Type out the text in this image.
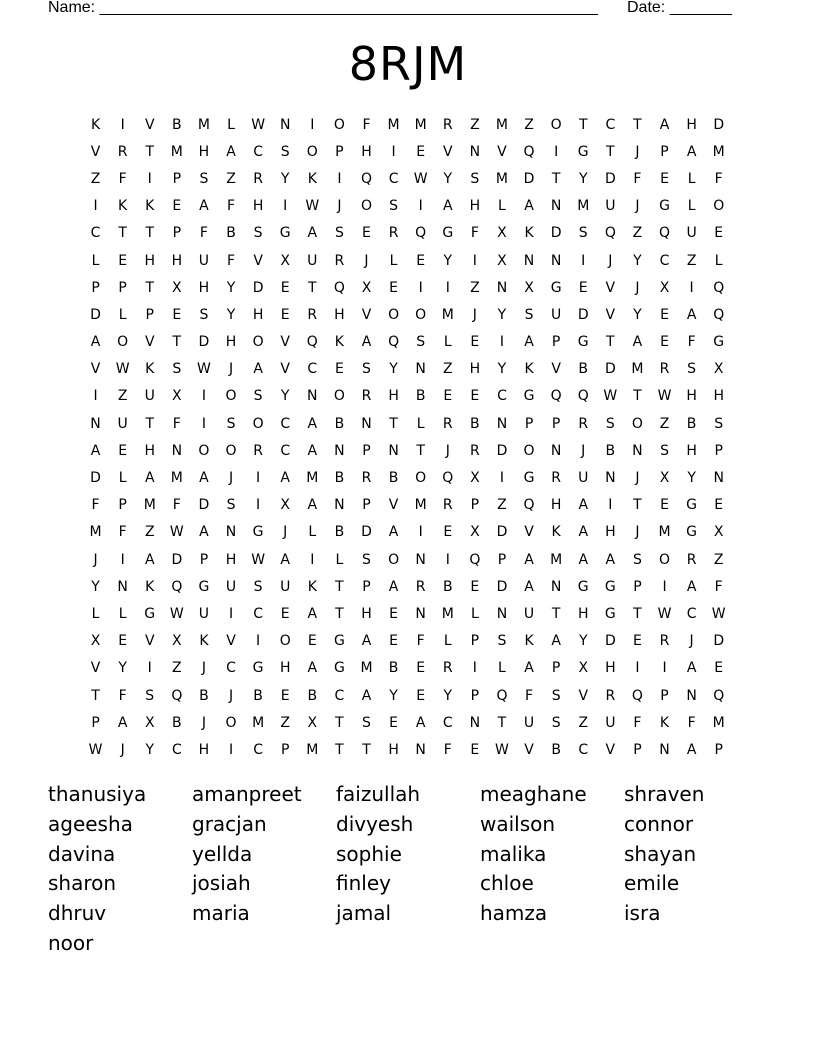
Name: ________________________________________________________ Date: _______
8RJM
K	I	V	B	M	L	W	N	I	O	F	M	M	R	Z	M	Z	O	T	C	T	A	H	D
V	R	T	M	H	A	C	S	O	P	H	I	E	V	N	V	Q	I	G	T	J	P	A	M
Z	F	I	P	S	Z	R	Y	K	I	Q	C	W	Y	S	M	D	T	Y	D	F	E	L	F
I	K	K	E	A	F	H	I	W	J	O	S	I	A	H	L	A	N	M	U	J	G	L	O
C	T	T	P	F	B	S	G	A	S	E	R	Q	G	F	X	K	D	S	Q	Z	Q	U	E
L	E	H	H	U	F	V	X	U	R	J	L	E	Y	I	X	N	N	I	J	Y	C	Z	L
P	P	T	X	H	Y	D	E	T	Q	X	E	I	I	Z	N	X	G	E	V	J	X	I	Q
D	L	P	E	S	Y	H	E	R	H	V	O	O	M	J	Y	S	U	D	V	Y	E	A	Q
A	O	V	T	D	H	O	V	Q	K	A	Q	S	L	E	I	A	P	G	T	A	E	F	G
V	W	K	S	W	J	A	V	C	E	S	Y	N	Z	H	Y	K	V	B	D	M	R	S	X
I	Z	U	X	I	O	S	Y	N	O	R	H	B	E	E	C	G	Q	Q	W	T	W	H	H
N	U	T	F	I	S	O	C	A	B	N	T	L	R	B	N	P	P	R	S	O	Z	B	S
A	E	H	N	O	O	R	C	A	N	P	N	T	J	R	D	O	N	J	B	N	S	H	P
D	L	A	M	A	J	I	A	M	B	R	B	O	Q	X	I	G	R	U	N	J	X	Y	N
F	P	M	F	D	S	I	X	A	N	P	V	M	R	P	Z	Q	H	A	I	T	E	G	E
M	F	Z	W	A	N	G	J	L	B	D	A	I	E	X	D	V	K	A	H	J	M	G	X
J	I	A	D	P	H	W	A	I	L	S	O	N	I	Q	P	A	M	A	A	S	O	R	Z
Y	N	K	Q	G	U	S	U	K	T	P	A	R	B	E	D	A	N	G	G	P	I	A	F
L	L	G	W	U	I	C	E	A	T	H	E	N	M	L	N	U	T	H	G	T	W	C	W
X	E	V	X	K	V	I	O	E	G	A	E	F	L	P	S	K	A	Y	D	E	R	J	D
V	Y	I	Z	J	C	G	H	A	G	M	B	E	R	I	L	A	P	X	H	I	I	A	E
T	F	S	Q	B	J	B	E	B	C	A	Y	E	Y	P	Q	F	S	V	R	Q	P	N	Q
P	A	X	B	J	O	M	Z	X	T	S	E	A	C	N	T	U	S	Z	U	F	K	F	M
W	J	Y	C	H	I	C	P	M	T	T	H	N	F	E	W	V	B	C	V	P	N	A	P
thanusiya	amanpreet	faizullah	meaghane	shraven
ageesha	gracjan	divyesh	wailson	connor
davina	yellda	sophie	malika	shayan
sharon	josiah	finley	chloe	emile
dhruv	maria	jamal	hamza	isra
noor
